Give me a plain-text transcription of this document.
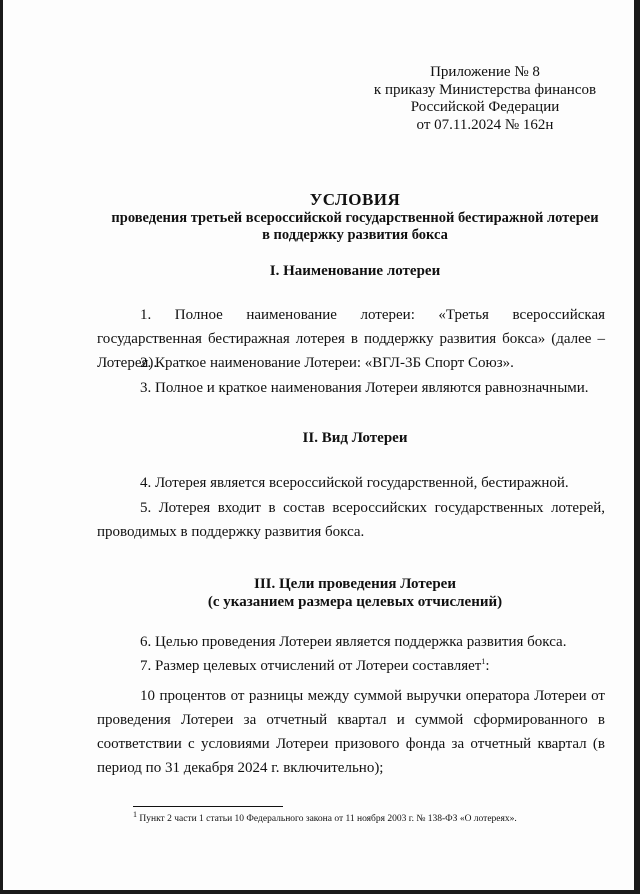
Приложение № 8
к приказу Министерства финансов
Российской Федерации
от 07.11.2024 № 162н
УСЛОВИЯ
проведения третьей всероссийской государственной бестиражной лотереи
в поддержку развития бокса
I. Наименование лотереи
1. Полное наименование лотереи: «Третья всероссийская государственная бестиражная лотерея в поддержку развития бокса» (далее – Лотерея).
2. Краткое наименование Лотереи: «ВГЛ-3Б Спорт Союз».
3. Полное и краткое наименования Лотереи являются равнозначными.
II. Вид Лотереи
4. Лотерея является всероссийской государственной, бестиражной.
5. Лотерея входит в состав всероссийских государственных лотерей, проводимых в поддержку развития бокса.
III. Цели проведения Лотереи
(с указанием размера целевых отчислений)
6. Целью проведения Лотереи является поддержка развития бокса.
7. Размер целевых отчислений от Лотереи составляет$^1$:
10 процентов от разницы между суммой выручки оператора Лотереи от проведения Лотереи за отчетный квартал и суммой сформированного в соответствии с условиями Лотереи призового фонда за отчетный квартал (в период по 31 декабря 2024 г. включительно);
$^1$ Пункт 2 части 1 статьи 10 Федерального закона от 11 ноября 2003 г. № 138-ФЗ «О лотереях».
